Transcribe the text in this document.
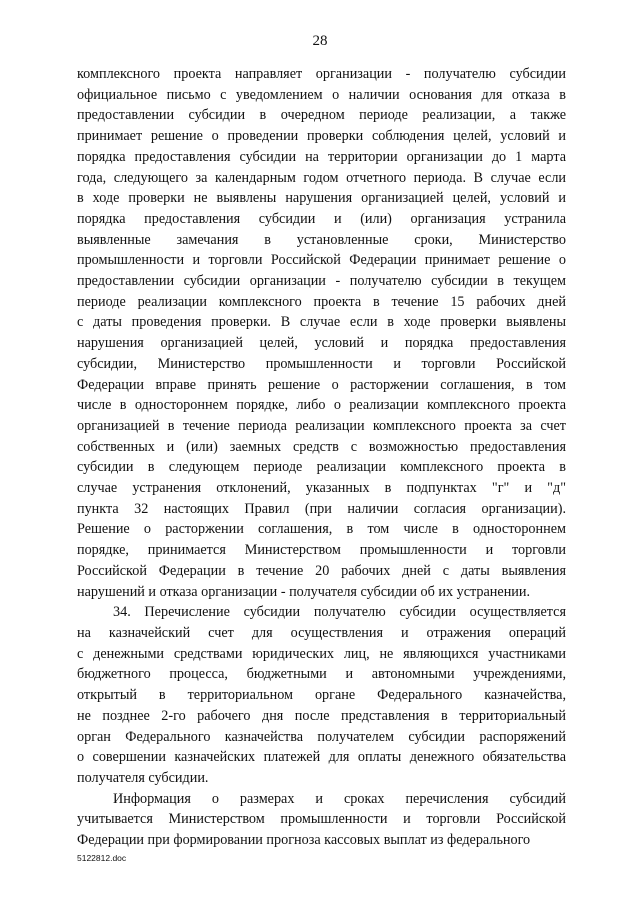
28

комплексного проекта направляет организации - получателю субсидии
официальное письмо с уведомлением о наличии основания для отказа в
предоставлении субсидии в очередном периоде реализации, а также
принимает решение о проведении проверки соблюдения целей, условий и
порядка предоставления субсидии на территории организации до 1 марта
года, следующего за календарным годом отчетного периода. В случае если
в ходе проверки не выявлены нарушения организацией целей, условий и
порядка предоставления субсидии и (или) организация устранила
выявленные замечания в установленные сроки, Министерство
промышленности и торговли Российской Федерации принимает решение о
предоставлении субсидии организации - получателю субсидии в текущем
периоде реализации комплексного проекта в течение 15 рабочих дней
с даты проведения проверки. В случае если в ходе проверки выявлены
нарушения организацией целей, условий и порядка предоставления
субсидии, Министерство промышленности и торговли Российской
Федерации вправе принять решение о расторжении соглашения, в том
числе в одностороннем порядке, либо о реализации комплексного проекта
организацией в течение периода реализации комплексного проекта за счет
собственных и (или) заемных средств с возможностью предоставления
субсидии в следующем периоде реализации комплексного проекта в
случае устранения отклонений, указанных в подпунктах "г" и "д"
пункта 32 настоящих Правил (при наличии согласия организации).
Решение о расторжении соглашения, в том числе в одностороннем
порядке, принимается Министерством промышленности и торговли
Российской Федерации в течение 20 рабочих дней с даты выявления
нарушений и отказа организации - получателя субсидии об их устранении.

34. Перечисление субсидии получателю субсидии осуществляется
на казначейский счет для осуществления и отражения операций
с денежными средствами юридических лиц, не являющихся участниками
бюджетного процесса, бюджетными и автономными учреждениями,
открытый в территориальном органе Федерального казначейства,
не позднее 2-го рабочего дня после представления в территориальный
орган Федерального казначейства получателем субсидии распоряжений
о совершении казначейских платежей для оплаты денежного обязательства
получателя субсидии.

Информация о размерах и сроках перечисления субсидий
учитывается Министерством промышленности и торговли Российской
Федерации при формировании прогноза кассовых выплат из федерального

5122812.doc
